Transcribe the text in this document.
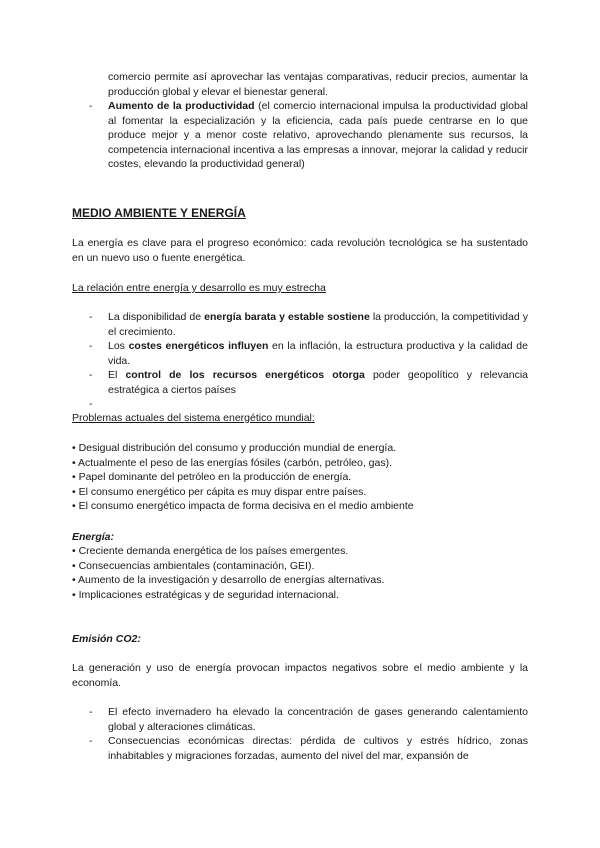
comercio permite así aprovechar las ventajas comparativas, reducir precios, aumentar la producción global y elevar el bienestar general.

- Aumento de la productividad (el comercio internacional impulsa la productividad global al fomentar la especialización y la eficiencia, cada país puede centrarse en lo que produce mejor y a menor coste relativo, aprovechando plenamente sus recursos, la competencia internacional incentiva a las empresas a innovar, mejorar la calidad y reducir costes, elevando la productividad general)

MEDIO AMBIENTE Y ENERGÍA

La energía es clave para el progreso económico: cada revolución tecnológica se ha sustentado en un nuevo uso o fuente energética.

La relación entre energía y desarrollo es muy estrecha
- La disponibilidad de energía barata y estable sostiene la producción, la competitividad y el crecimiento.

- Los costes energéticos influyen en la inflación, la estructura productiva y la calidad de vida.

- El control de los recursos energéticos otorga poder geopolítico y relevancia estratégica a ciertos países

-
Problemas actuales del sistema energético mundial:
• Desigual distribución del consumo y producción mundial de energía.
• Actualmente el peso de las energías fósiles (carbón, petróleo, gas).
• Papel dominante del petróleo en la producción de energía.
• El consumo energético per cápita es muy dispar entre países.
• El consumo energético impacta de forma decisiva en el medio ambiente
Energía:
• Creciente demanda energética de los países emergentes.
• Consecuencias ambientales (contaminación, GEI).
• Aumento de la investigación y desarrollo de energías alternativas.
• Implicaciones estratégicas y de seguridad internacional.
Emisión CO2:

La generación y uso de energía provocan impactos negativos sobre el medio ambiente y la economía.

- El efecto invernadero ha elevado la concentración de gases generando calentamiento global y alteraciones climáticas.

- Consecuencias económicas directas: pérdida de cultivos y estrés hídrico, zonas inhabitables y migraciones forzadas, aumento del nivel del mar, expansión de
